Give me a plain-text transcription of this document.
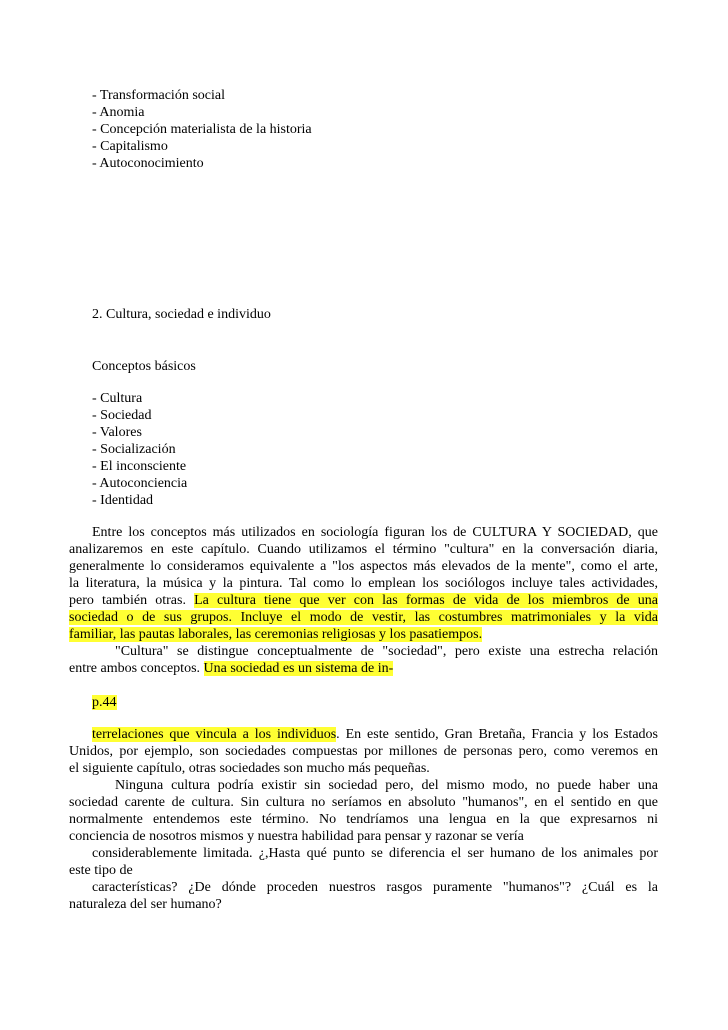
- Transformación social
- Anomia
- Concepción materialista de la historia
- Capitalismo
- Autoconocimiento
2. Cultura, sociedad e individuo
Conceptos básicos
- Cultura
- Sociedad
- Valores
- Socialización
- El inconsciente
- Autoconciencia
- Identidad
Entre los conceptos más utilizados en sociología figuran los de CULTURA Y SOCIEDAD, que
analizaremos en este capítulo. Cuando utilizamos el término "cultura" en la conversación diaria,
generalmente lo consideramos equivalente a "los aspectos más elevados de la mente", como el arte,
la literatura, la música y la pintura. Tal como lo emplean los sociólogos incluye tales actividades,
pero también otras. La cultura tiene que ver con las formas de vida de los miembros de una
sociedad o de sus grupos. Incluye el modo de vestir, las costumbres matrimoniales y la vida
familiar, las pautas laborales, las ceremonias religiosas y los pasatiempos.
"Cultura" se distingue conceptualmente de "sociedad", pero existe una estrecha relación
entre ambos conceptos. Una sociedad es un sistema de in-
p.44
terrelaciones que vincula a los individuos. En este sentido, Gran Bretaña, Francia y los Estados
Unidos, por ejemplo, son sociedades compuestas por millones de personas pero, como veremos en
el siguiente capítulo, otras sociedades son mucho más pequeñas.
Ninguna cultura podría existir sin sociedad pero, del mismo modo, no puede haber una
sociedad carente de cultura. Sin cultura no seríamos en absoluto "humanos", en el sentido en que
normalmente entendemos este término. No tendríamos una lengua en la que expresarnos ni
conciencia de nosotros mismos y nuestra habilidad para pensar y razonar se vería
considerablemente limitada. ¿,Hasta qué punto se diferencia el ser humano de los animales por
este tipo de
características? ¿De dónde proceden nuestros rasgos puramente "humanos"? ¿Cuál es la
naturaleza del ser humano?
